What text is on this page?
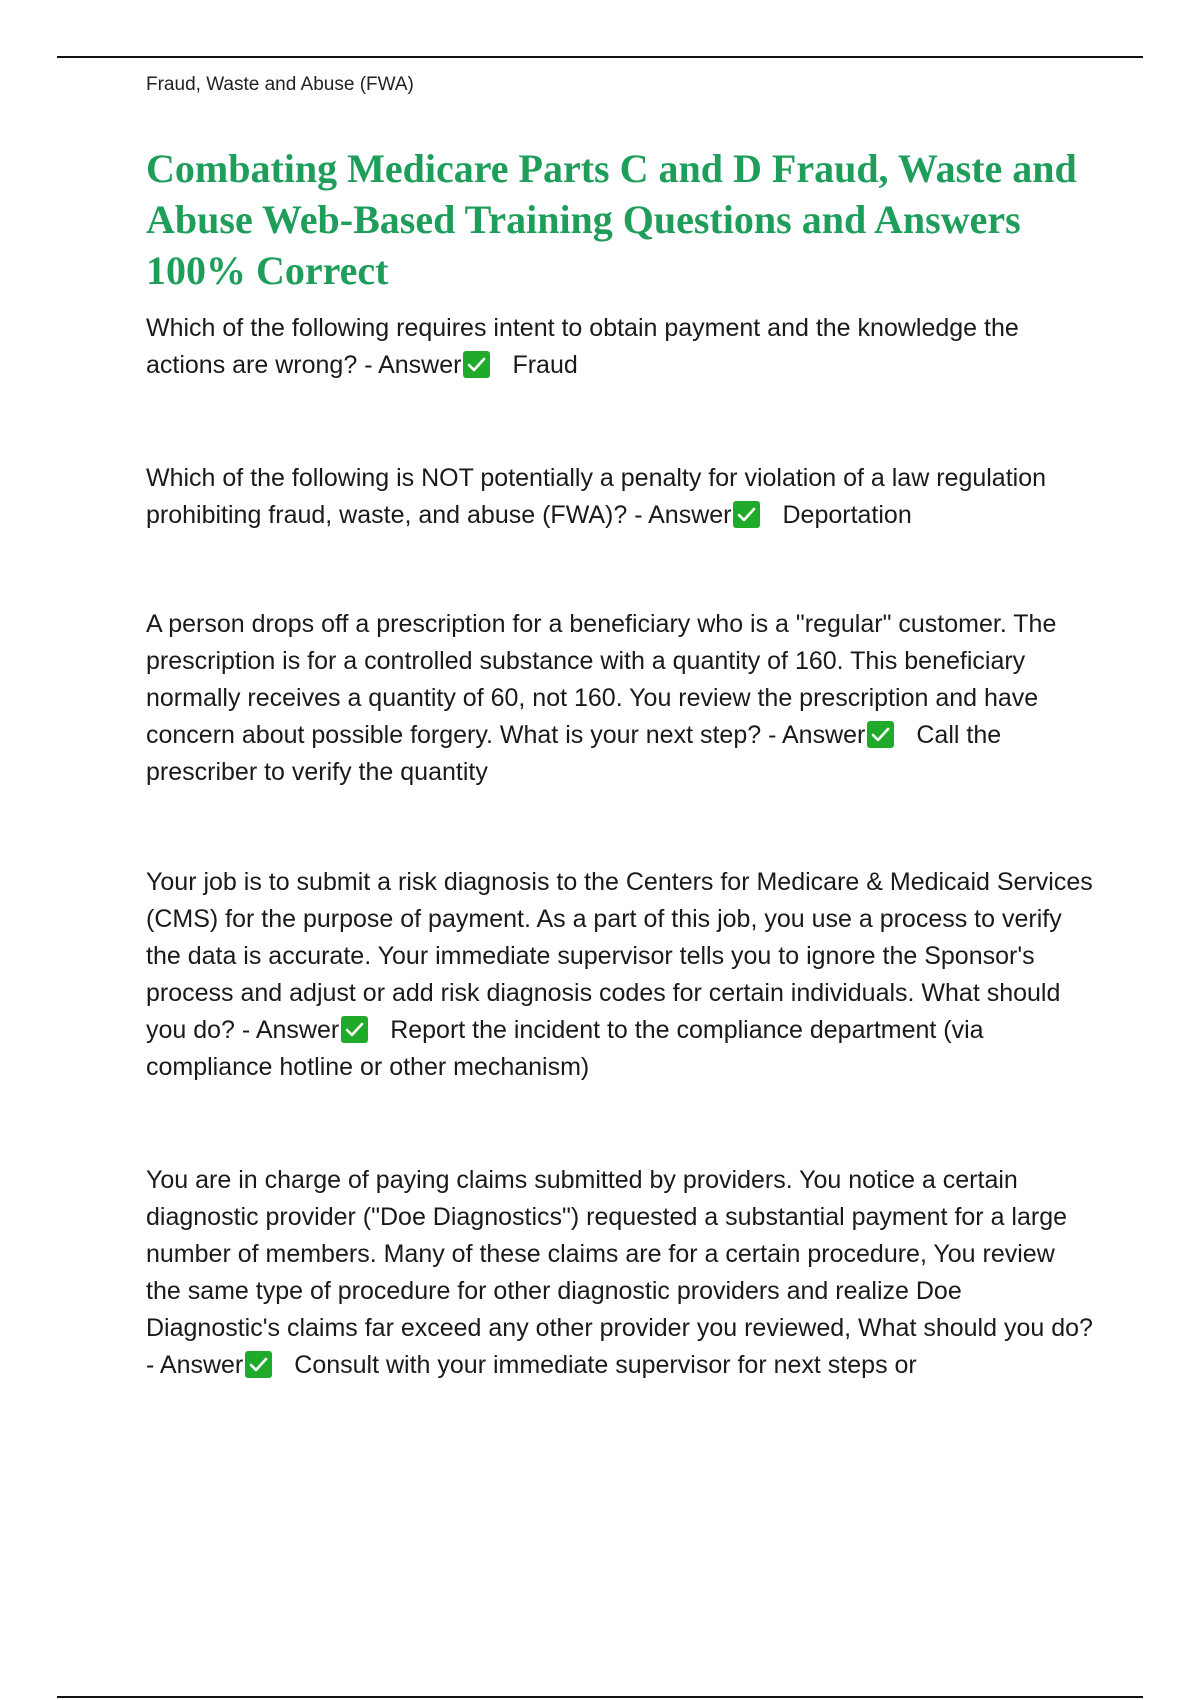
Fraud, Waste and Abuse (FWA)
Combating Medicare Parts C and D Fraud, Waste and Abuse Web-Based Training Questions and Answers 100% Correct

Which of the following requires intent to obtain payment and the knowledge the actions are wrong? - Answer Fraud

Which of the following is NOT potentially a penalty for violation of a law regulation prohibiting fraud, waste, and abuse (FWA)? - Answer Deportation

A person drops off a prescription for a beneficiary who is a "regular" customer. The prescription is for a controlled substance with a quantity of 160. This beneficiary normally receives a quantity of 60, not 160. You review the prescription and have concern about possible forgery. What is your next step? - Answer Call the prescriber to verify the quantity

Your job is to submit a risk diagnosis to the Centers for Medicare & Medicaid Services (CMS) for the purpose of payment. As a part of this job, you use a process to verify the data is accurate. Your immediate supervisor tells you to ignore the Sponsor's process and adjust or add risk diagnosis codes for certain individuals. What should you do? - Answer Report the incident to the compliance department (via compliance hotline or other mechanism)

You are in charge of paying claims submitted by providers. You notice a certain diagnostic provider ("Doe Diagnostics") requested a substantial payment for a large number of members. Many of these claims are for a certain procedure, You review the same type of procedure for other diagnostic providers and realize Doe Diagnostic's claims far exceed any other provider you reviewed, What should you do? - Answer Consult with your immediate supervisor for next steps or
